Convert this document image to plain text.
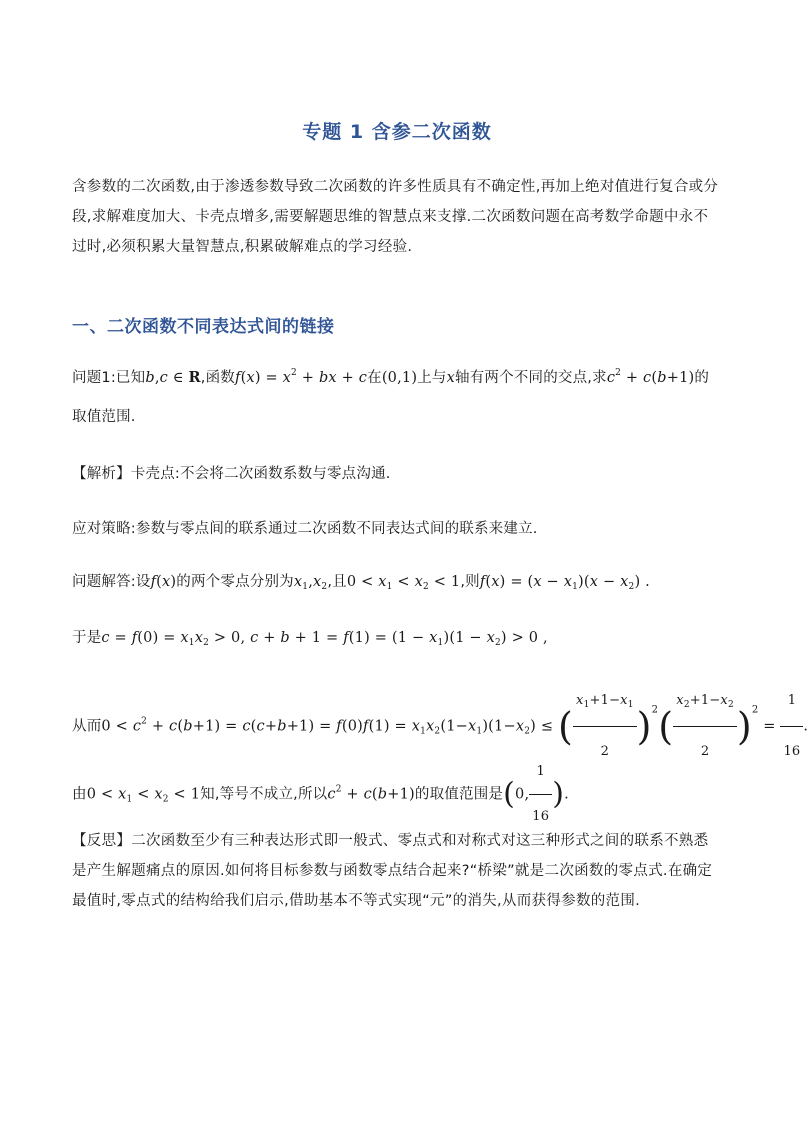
专题 1 含参二次函数
含参数的二次函数,由于渗透参数导致二次函数的许多性质具有不确定性,再加上绝对值进行复合或分段,求解难度加大、卡壳点增多,需要解题思维的智慧点来支撑.二次函数问题在高考数学命题中永不过时,必须积累大量智慧点,积累破解难点的学习经验.
一、二次函数不同表达式间的链接
问题1:已知b,c ∈ R,函数$f(x) = x^2$ + bx + c在(0,1)上与x轴有两个不同的交点,求$c^2 + c(b+1)$的
取值范围.
【解析】卡壳点:不会将二次函数系数与零点沟通.
应对策略:参数与零点间的联系通过二次函数不同表达式间的联系来建立.
问题解答:设f(x)的两个零点分别为$x_1,x_2$,且$0 < x_1 < x_2 < 1$,则$f(x) = (x - x_1)(x - x_2)$ .
于是$c = f(0) = x_1x_2 > 0$, $c + b + 1 = f(1) = (1 - x_1)(1 - x_2) > 0$ ,
从而$0 < c^2 + c(b+1) = c(c+b+1) = f(0)f(1) = x_1x_2(1-x_1)(1-x_2)$ ≤ ( $\frac{x_1+1-x_1}{2} )^2( \frac{x_2+1-x_2}{2} )^2 = \frac{1}{16}$ .
由$0 < x_1 < x_2 < 1$知,等号不成立,所以$c^2 + c(b+1)$的取值范围是(0, $\frac{1}{16}$ ).
【反思】二次函数至少有三种表达形式即一般式、零点式和对称式对这三种形式之间的联系不熟悉是产生解题痛点的原因.如何将目标参数与函数零点结合起来?“桥梁”就是二次函数的零点式.在确定最值时,零点式的结构给我们启示,借助基本不等式实现“元”的消失,从而获得参数的范围.
